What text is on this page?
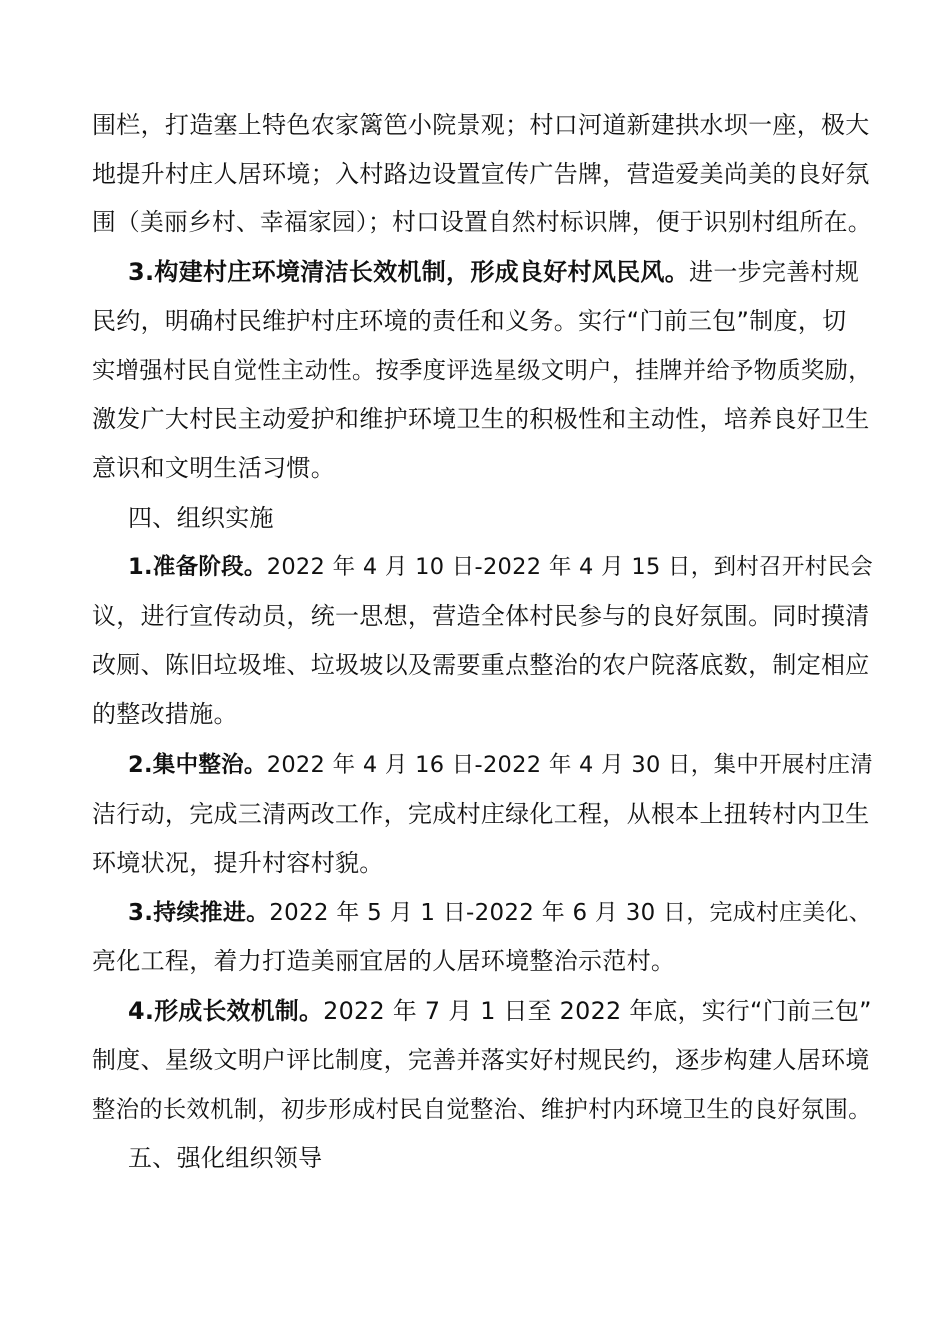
围栏，打造塞上特色农家篱笆小院景观；村口河道新建拱水坝一座，极大
地提升村庄人居环境；入村路边设置宣传广告牌，营造爱美尚美的良好氛
围（美丽乡村、幸福家园）；村口设置自然村标识牌，便于识别村组所在。
3.构建村庄环境清洁长效机制，形成良好村风民风。进一步完善村规
民约，明确村民维护村庄环境的责任和义务。实行“门前三包”制度，切
实增强村民自觉性主动性。按季度评选星级文明户，挂牌并给予物质奖励，
激发广大村民主动爱护和维护环境卫生的积极性和主动性，培养良好卫生
意识和文明生活习惯。
四、组织实施
1.准备阶段。2022 年 4 月 10 日-2022 年 4 月 15 日，到村召开村民会
议，进行宣传动员，统一思想，营造全体村民参与的良好氛围。同时摸清
改厕、陈旧垃圾堆、垃圾坡以及需要重点整治的农户院落底数，制定相应
的整改措施。
2.集中整治。2022 年 4 月 16 日-2022 年 4 月 30 日，集中开展村庄清
洁行动，完成三清两改工作，完成村庄绿化工程，从根本上扭转村内卫生
环境状况，提升村容村貌。
3.持续推进。2022 年 5 月 1 日-2022 年 6 月 30 日，完成村庄美化、
亮化工程，着力打造美丽宜居的人居环境整治示范村。
4.形成长效机制。2022 年 7 月 1 日至 2022 年底，实行“门前三包”
制度、星级文明户评比制度，完善并落实好村规民约，逐步构建人居环境
整治的长效机制，初步形成村民自觉整治、维护村内环境卫生的良好氛围。
五、强化组织领导
